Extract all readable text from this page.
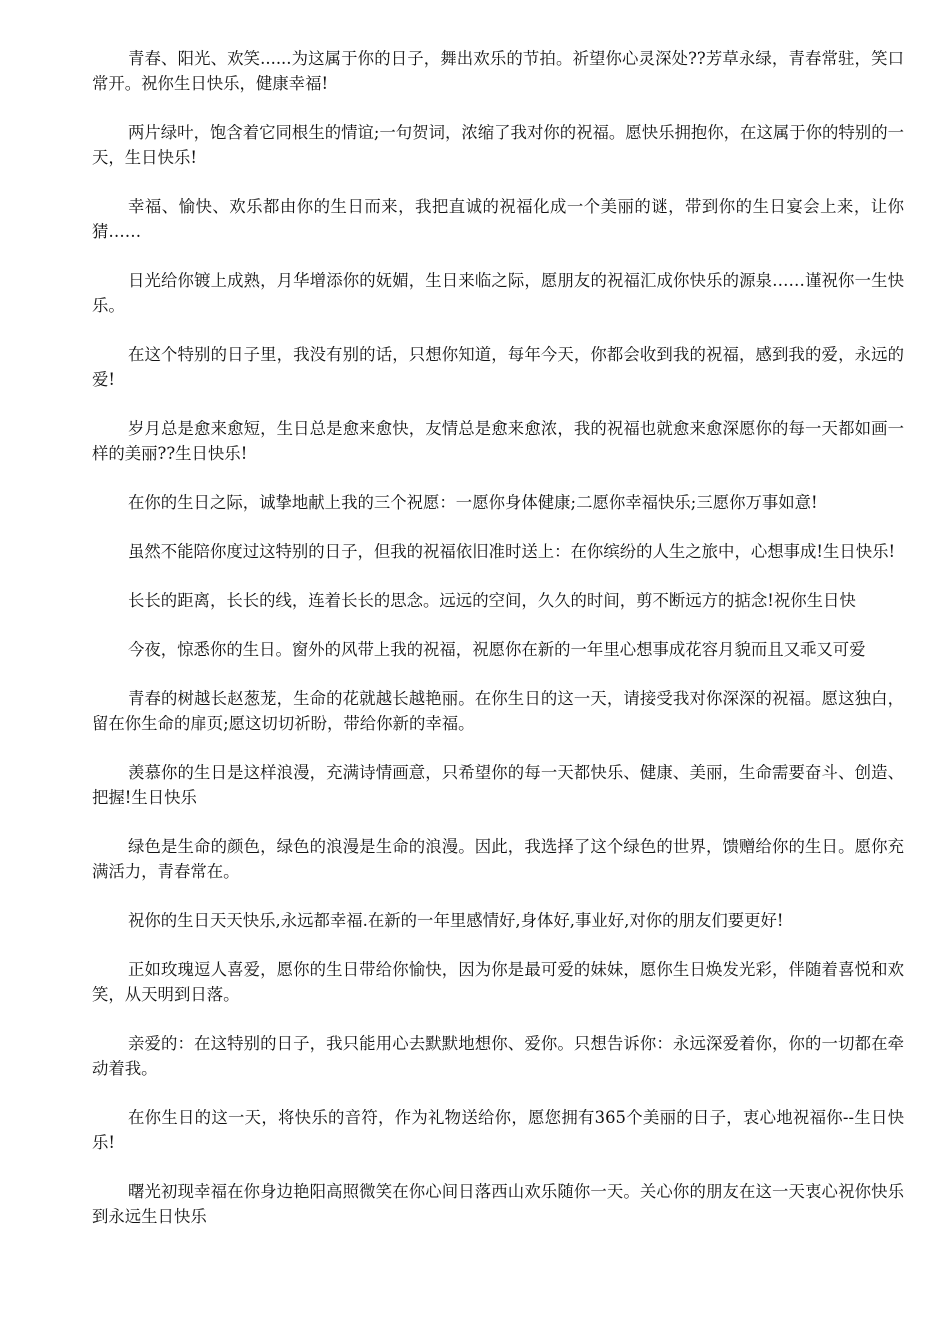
青春、阳光、欢笑......为这属于你的日子，舞出欢乐的节拍。祈望你心灵深处??芳草永绿，青春常驻，笑口常开。祝你生日快乐，健康幸福!

两片绿叶，饱含着它同根生的情谊;一句贺词，浓缩了我对你的祝福。愿快乐拥抱你，在这属于你的特别的一天，生日快乐!

幸福、愉快、欢乐都由你的生日而来，我把直诚的祝福化成一个美丽的谜，带到你的生日宴会上来，让你猜……

日光给你镀上成熟，月华增添你的妩媚，生日来临之际，愿朋友的祝福汇成你快乐的源泉……谨祝你一生快乐。

在这个特别的日子里，我没有别的话，只想你知道，每年今天，你都会收到我的祝福，感到我的爱，永远的爱!

岁月总是愈来愈短，生日总是愈来愈快，友情总是愈来愈浓，我的祝福也就愈来愈深愿你的每一天都如画一样的美丽??生日快乐!

在你的生日之际，诚挚地献上我的三个祝愿：一愿你身体健康;二愿你幸福快乐;三愿你万事如意!

虽然不能陪你度过这特别的日子，但我的祝福依旧准时送上：在你缤纷的人生之旅中，心想事成!生日快乐!

长长的距离，长长的线，连着长长的思念。远远的空间，久久的时间，剪不断远方的掂念!祝你生日快

今夜，惊悉你的生日。窗外的风带上我的祝福，祝愿你在新的一年里心想事成花容月貌而且又乖又可爱

青春的树越长赵葱茏，生命的花就越长越艳丽。在你生日的这一天，请接受我对你深深的祝福。愿这独白，留在你生命的扉页;愿这切切祈盼，带给你新的幸福。

羡慕你的生日是这样浪漫，充满诗情画意，只希望你的每一天都快乐、健康、美丽，生命需要奋斗、创造、把握!生日快乐

绿色是生命的颜色，绿色的浪漫是生命的浪漫。因此，我选择了这个绿色的世界，馈赠给你的生日。愿你充满活力，青春常在。

祝你的生日天天快乐,永远都幸福.在新的一年里感情好,身体好,事业好,对你的朋友们要更好!

正如玫瑰逗人喜爱，愿你的生日带给你愉快，因为你是最可爱的妹妹，愿你生日焕发光彩，伴随着喜悦和欢笑，从天明到日落。

亲爱的：在这特别的日子，我只能用心去默默地想你、爱你。只想告诉你：永远深爱着你，你的一切都在牵动着我。

在你生日的这一天，将快乐的音符，作为礼物送给你，愿您拥有365个美丽的日子，衷心地祝福你--生日快乐!

曙光初现幸福在你身边艳阳高照微笑在你心间日落西山欢乐随你一天。关心你的朋友在这一天衷心祝你快乐到永远生日快乐
